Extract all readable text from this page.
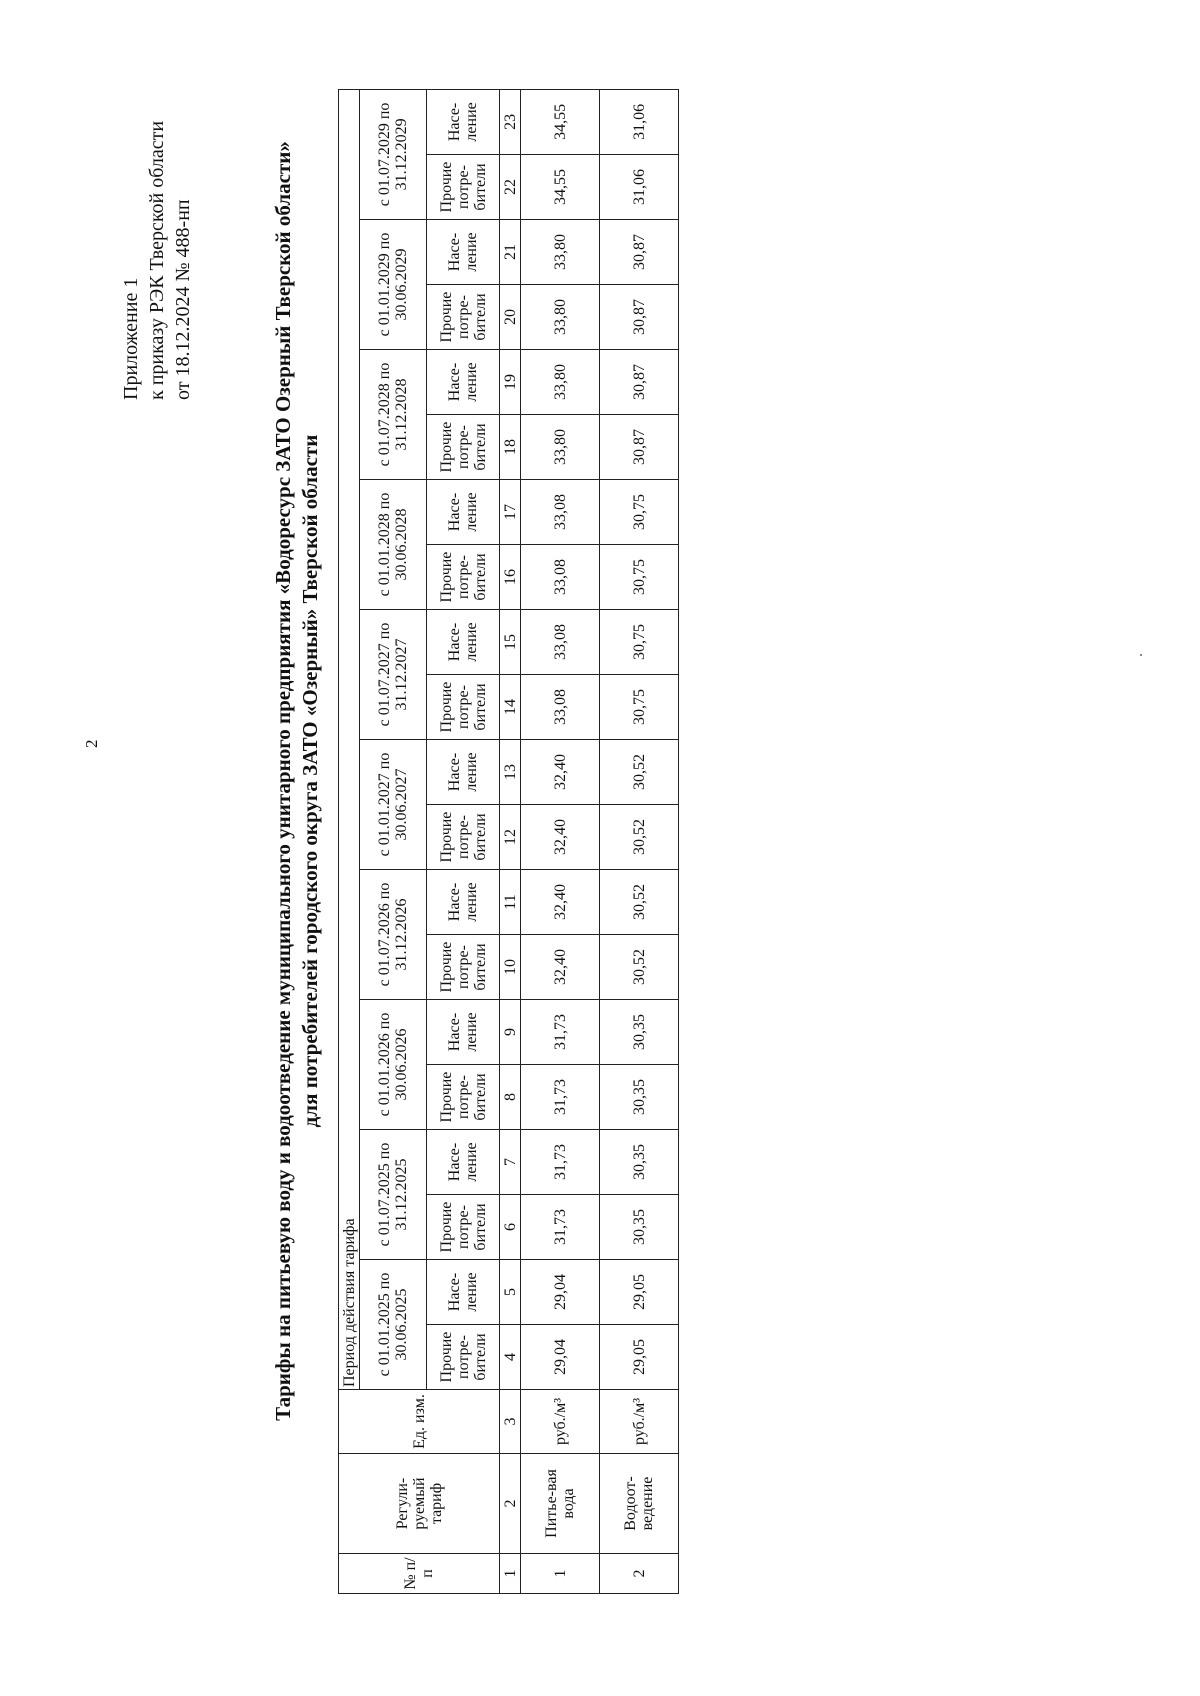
2
Приложение 1 к приказу РЭК Тверской области от 18.12.2024 № 488-нп	Тарифы на питьевую воду и водоотведение муниципального унитарного предприятия «Водоресурс ЗАТО Озерный Тверской области» для потребителей городского округа ЗАТО «Озерный» Тверской области
№ п/п	Регули-руемый тариф	Ед. изм.	Период действия тарифа																			
			с 01.01.2025 по 30.06.2025		с 01.07.2025 по 31.12.2025		с 01.01.2026 по 30.06.2026		с 01.07.2026 по 31.12.2026		с 01.01.2027 по 30.06.2027		с 01.07.2027 по 31.12.2027		с 01.01.2028 по 30.06.2028		с 01.07.2028 по 31.12.2028		с 01.01.2029 по 30.06.2029		с 01.07.2029 по 31.12.2029	
			Прочие потре-бители	Насе-ление	Прочие потре-бители	Насе-ление	Прочие потре-бители	Насе-ление	Прочие потре-бители	Насе-ление	Прочие потре-бители	Насе-ление	Прочие потре-бители	Насе-ление	Прочие потре-бители	Насе-ление	Прочие потре-бители	Насе-ление	Прочие потре-бители	Насе-ление	Прочие потре-бители	Насе-ление
1	2	3	4	5	6	7	8	9	10	11	12	13	14	15	16	17	18	19	20	21	22	23
1	Питье-вая вода	руб./м³	29,04	29,04	31,73	31,73	31,73	31,73	32,40	32,40	32,40	32,40	33,08	33,08	33,08	33,08	33,80	33,80	33,80	33,80	34,55	34,55
2	Водоот-ведение	руб./м³	29,05	29,05	30,35	30,35	30,35	30,35	30,52	30,52	30,52	30,52	30,75	30,75	30,75	30,75	30,87	30,87	30,87	30,87	31,06	31,06
